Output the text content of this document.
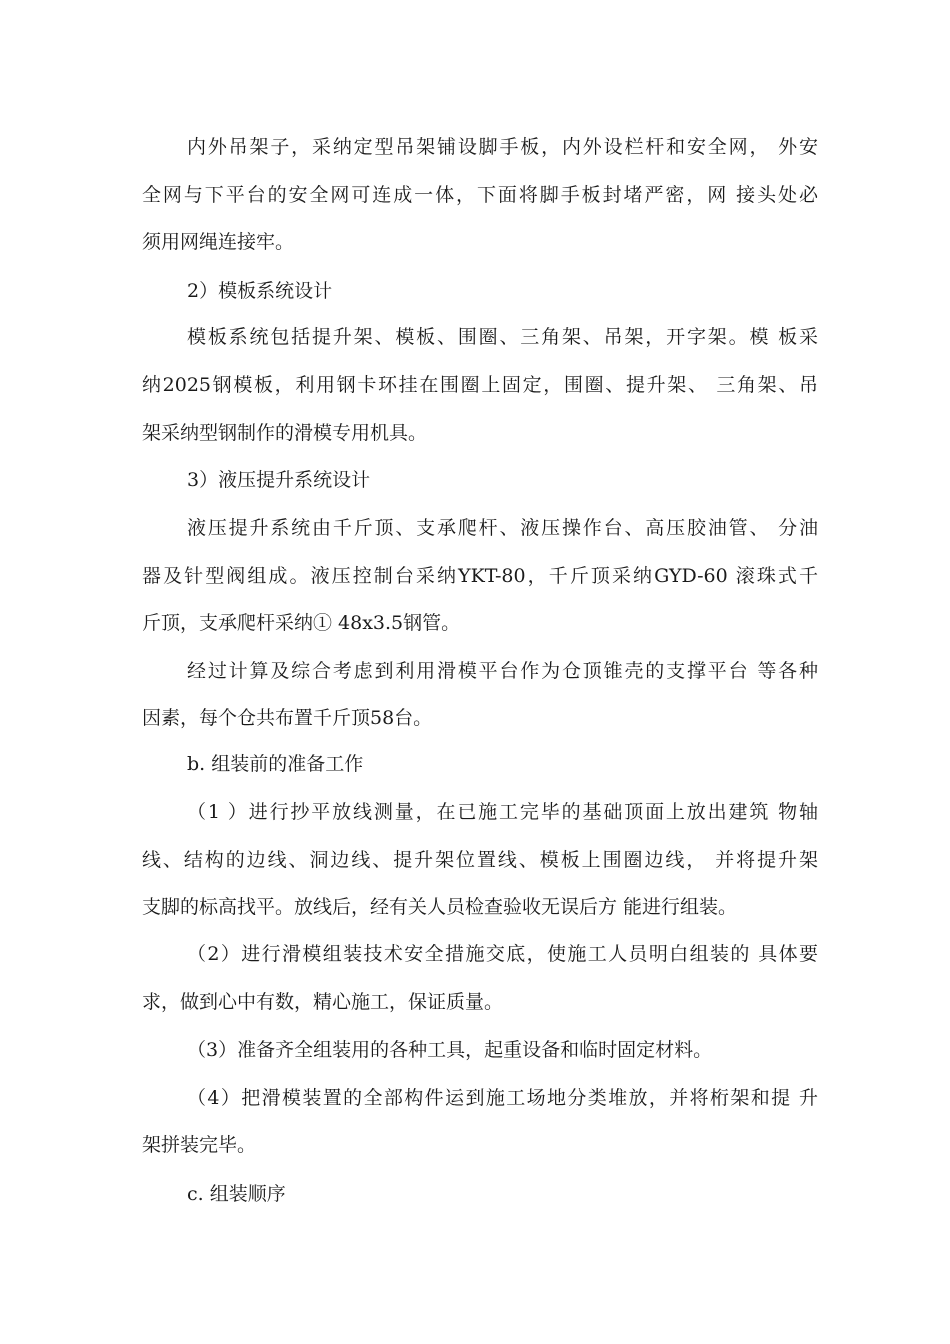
内外吊架子，采纳定型吊架铺设脚手板，内外设栏杆和安全网， 外安
全网与下平台的安全网可连成一体，下面将脚手板封堵严密，网 接头处必
须用网绳连接牢。
2）模板系统设计
模板系统包括提升架、模板、围圈、三角架、吊架，开字架。模 板采
纳2025钢模板，利用钢卡环挂在围圈上固定，围圈、提升架、 三角架、吊
架采纳型钢制作的滑模专用机具。
3）液压提升系统设计
液压提升系统由千斤顶、支承爬杆、液压操作台、高压胶油管、 分油
器及针型阀组成。液压控制台采纳YKT-80，千斤顶采纳GYD-60 滚珠式千
斤顶，支承爬杆采纳① 48x3.5钢管。
经过计算及综合考虑到利用滑模平台作为仓顶锥壳的支撑平台 等各种
因素，每个仓共布置千斤顶58台。
b. 组装前的准备工作
（1 ）进行抄平放线测量，在已施工完毕的基础顶面上放出建筑 物轴
线、结构的边线、洞边线、提升架位置线、模板上围圈边线， 并将提升架
支脚的标高找平。放线后，经有关人员检查验收无误后方 能进行组装。
（2）进行滑模组装技术安全措施交底，使施工人员明白组装的 具体要
求，做到心中有数，精心施工，保证质量。
（3）准备齐全组装用的各种工具，起重设备和临时固定材料。
（4）把滑模装置的全部构件运到施工场地分类堆放，并将桁架和提 升
架拼装完毕。
c. 组装顺序
